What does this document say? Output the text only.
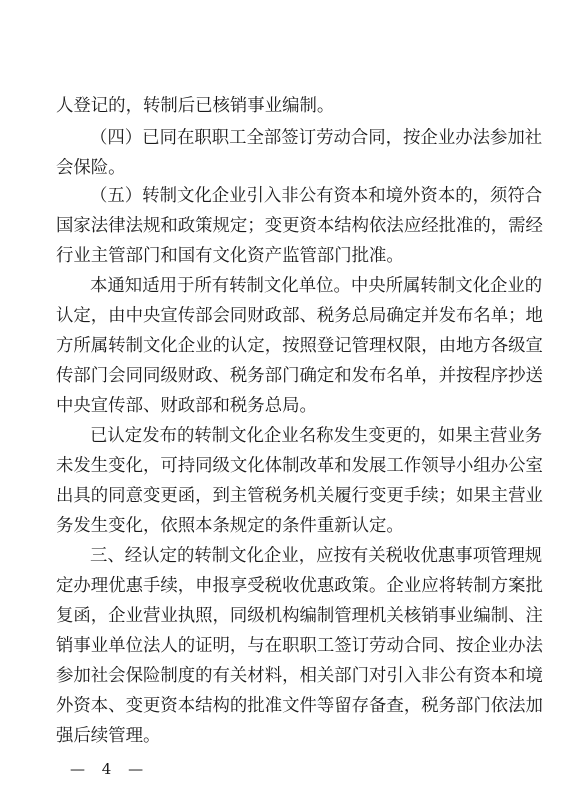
人登记的，转制后已核销事业编制。
（四）已同在职职工全部签订劳动合同，按企业办法参加社
会保险。
（五）转制文化企业引入非公有资本和境外资本的，须符合
国家法律法规和政策规定；变更资本结构依法应经批准的，需经
行业主管部门和国有文化资产监管部门批准。
本通知适用于所有转制文化单位。中央所属转制文化企业的
认定，由中央宣传部会同财政部、税务总局确定并发布名单；地
方所属转制文化企业的认定，按照登记管理权限，由地方各级宣
传部门会同同级财政、税务部门确定和发布名单，并按程序抄送
中央宣传部、财政部和税务总局。
已认定发布的转制文化企业名称发生变更的，如果主营业务
未发生变化，可持同级文化体制改革和发展工作领导小组办公室
出具的同意变更函，到主管税务机关履行变更手续；如果主营业
务发生变化，依照本条规定的条件重新认定。
三、经认定的转制文化企业，应按有关税收优惠事项管理规
定办理优惠手续，申报享受税收优惠政策。企业应将转制方案批
复函，企业营业执照，同级机构编制管理机关核销事业编制、注
销事业单位法人的证明，与在职职工签订劳动合同、按企业办法
参加社会保险制度的有关材料，相关部门对引入非公有资本和境
外资本、变更资本结构的批准文件等留存备查，税务部门依法加
强后续管理。
— 4 —
